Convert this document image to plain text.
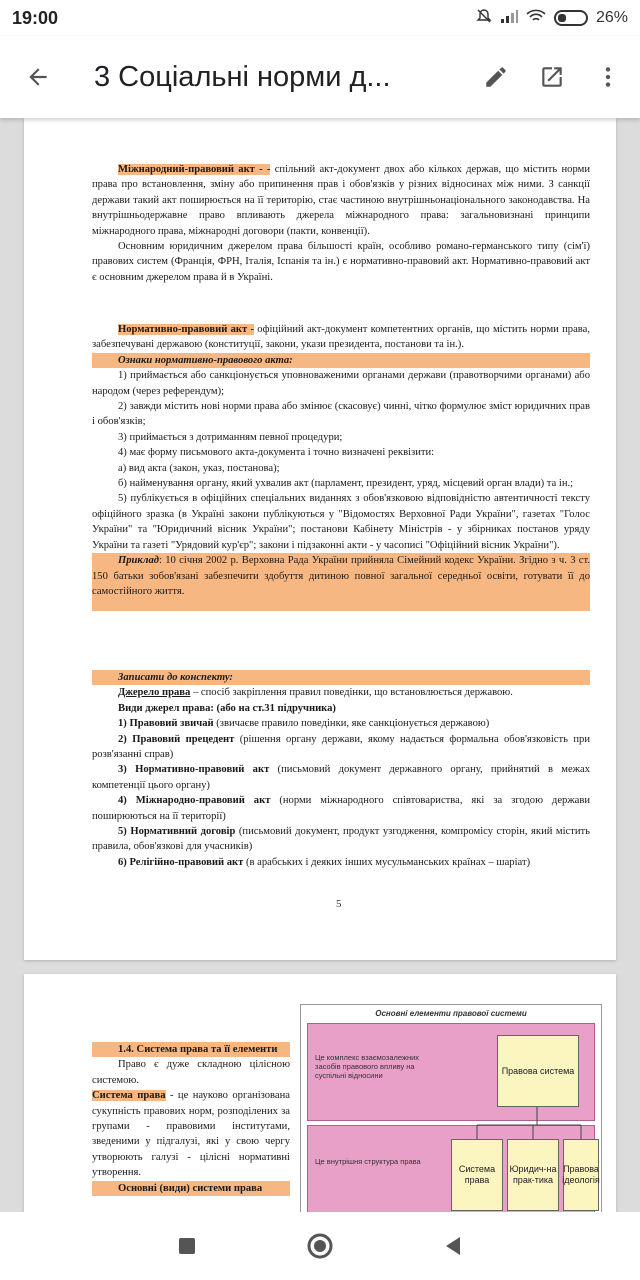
19:00	26%
3 Соціальні норми д...

Міжнародний-правовий акт - - спільний акт-документ двох або кількох держав, що містить норми права про встановлення, зміну або припинення прав і обов'язків у різних відносинах між ними. З санкції держави такий акт поширюється на її територію, стає частиною внутрішньонаціонального законодавства. На внутрішньодержавне право впливають джерела міжнародного права: загальновизнані принципи міжнародного права, міжнародні договори (пакти, конвенції).

Основним юридичним джерелом права більшості країн, особливо романо-германського типу (сім'ї) правових систем (Франція, ФРН, Італія, Іспанія та ін.) є нормативно-правовий акт. Нормативно-правовий акт є основним джерелом права й в Україні.

Нормативно-правовий акт - офіційний акт-документ компетентних органів, що містить норми права, забезпечувані державою (конституції, закони, укази президента, постанови та ін.).

Ознаки нормативно-правового акта:

1) приймається або санкціонується уповноваженими органами держави (правотворчими органами) або народом (через референдум);

2) завжди містить нові норми права або змінює (скасовує) чинні, чітко формулює зміст юридичних прав і обов'язків;

3) приймається з дотриманням певної процедури;

4) має форму письмового акта-документа і точно визначені реквізити:

а) вид акта (закон, указ, постанова);

б) найменування органу, який ухвалив акт (парламент, президент, уряд, місцевий орган влади) та ін.;

5) публікується в офіційних спеціальних виданнях з обов'язковою відповідністю автентичності тексту офіційного зразка (в Україні закони публікуються у "Відомостях Верховної Ради України", газетах "Голос України" та "Юридичний вісник України"; постанови Кабінету Міністрів - у збірниках постанов уряду України та газеті "Урядовий кур'єр"; закони і підзаконні акти - у часописі "Офіційний вісник України").

Приклад: 10 січня 2002 р. Верховна Рада України прийняла Сімейний кодекс України. Згідно з ч. 3 ст. 150 батьки зобов'язані забезпечити здобуття дитиною повної загальної середньої освіти, готувати її до самостійного життя.

Записати до конспекту:

Джерело права – спосіб закріплення правил поведінки, що встановлюється державою.

Види джерел права: (або на ст.31 підручника)

1) Правовий звичай (звичаєве правило поведінки, яке санкціонується державою)

2) Правовий прецедент (рішення органу держави, якому надається формальна обов'язковість при розв'язанні справ)

3) Нормативно-правовий акт (письмовий документ державного органу, прийнятий в межах компетенції цього органу)

4) Міжнародно-правовий акт (норми міжнародного співтовариства, які за згодою держави поширюються на її території)

5) Нормативний договір (письмовий документ, продукт узгодження, компромісу сторін, який містить правила, обов'язкові для учасників)

6) Релігійно-правовий акт (в арабських і деяких інших мусульманських країнах – шаріат)

5

1.4. Система права та її елементи

Право є дуже складною цілісною системою.

Система права - це науково організована сукупність правових норм, розподілених за групами - правовими інститутами, зведеними у підгалузі, які у свою чергу утворюють галузі - цілісні нормативні утворення.

Основні (види) системи права

Основні елементи правової системи
Це комплекс взаємозалежних засобів правового впливу на суспільні відносини	Правова система
Це внутрішня структура права
Система права
Юридич-на прак-тика
Правова ідеологія
